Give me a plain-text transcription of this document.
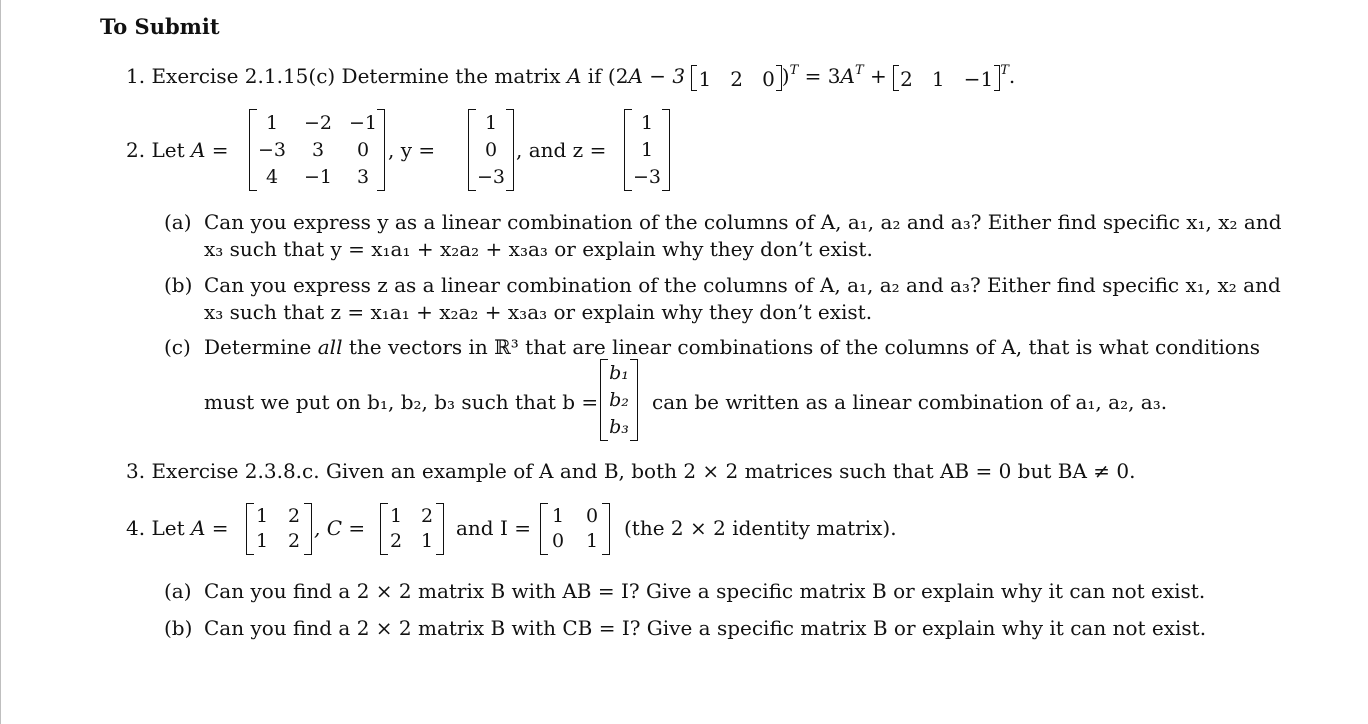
To Submit
1. Exercise 2.1.15(c) Determine the matrix A if (2A − 3 1 2 0 )$^T = 3A^T + 2$ 1 −1 $^T$.
2. Let A =
1	−2 −1
−3	3	0
4	−1	3
, y =
1
0
−3
, and z =
1
1
−3
(a) Can you express y as a linear combination of the columns of A, a₁, a₂ and a₃? Either find specific x₁, x₂ and
x₃ such that y = x₁a₁ + x₂a₂ + x₃a₃ or explain why they don’t exist.
(b) Can you express z as a linear combination of the columns of A, a₁, a₂ and a₃? Either find specific x₁, x₂ and
x₃ such that z = x₁a₁ + x₂a₂ + x₃a₃ or explain why they don’t exist.
(c) Determine all the vectors in ℝ³ that are linear combinations of the columns of A, that is what conditions
must we put on b₁, b₂, b₃ such that b =
b₁
b₂
b₃
can be written as a linear combination of a₁, a₂, a₃.
3. Exercise 2.3.8.c. Given an example of A and B, both 2 × 2 matrices such that AB = 0 but BA ≠ 0.
4. Let A =	1	2
1	2
, C =	1 2
2 1
and I =	1	0
0	1
(the 2 × 2 identity matrix).
(a) Can you find a 2 × 2 matrix B with AB = I? Give a specific matrix B or explain why it can not exist.
(b) Can you find a 2 × 2 matrix B with CB = I? Give a specific matrix B or explain why it can not exist.
